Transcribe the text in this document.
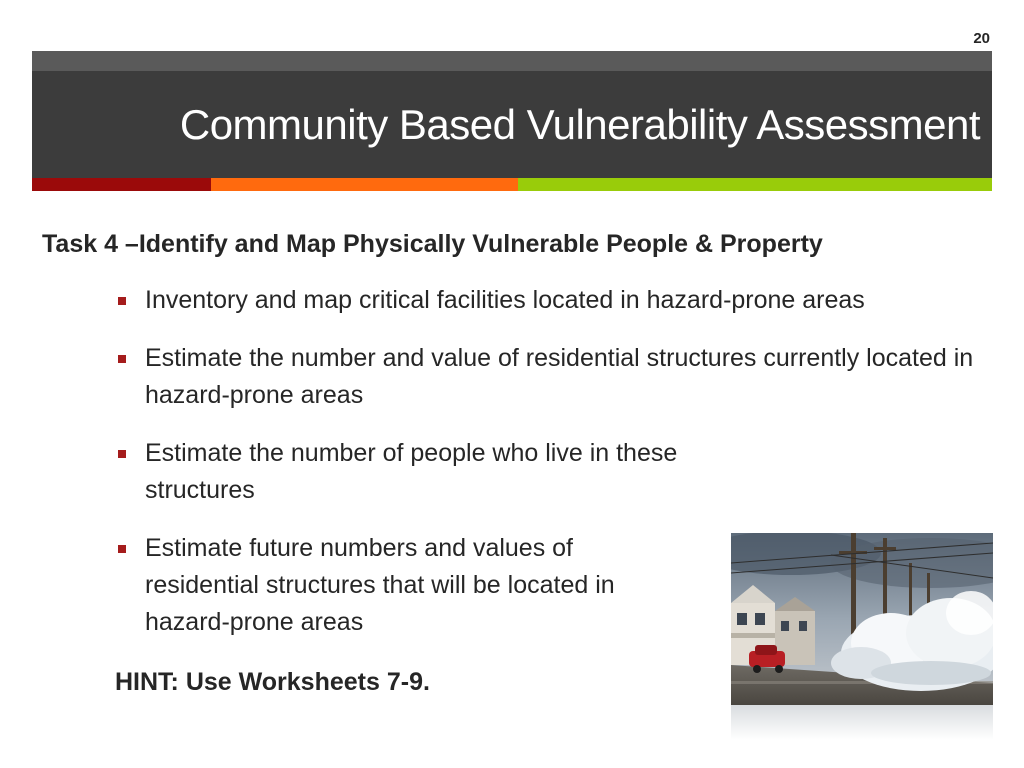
20
Community Based Vulnerability Assessment
Task 4 –Identify and Map Physically Vulnerable People & Property
Inventory and map critical facilities located in hazard-prone areas
Estimate the number and value of residential structures currently located in hazard-prone areas
Estimate the number of people who live in these structures
Estimate future numbers and values of residential structures that will be located in hazard-prone areas
HINT: Use Worksheets 7-9.
